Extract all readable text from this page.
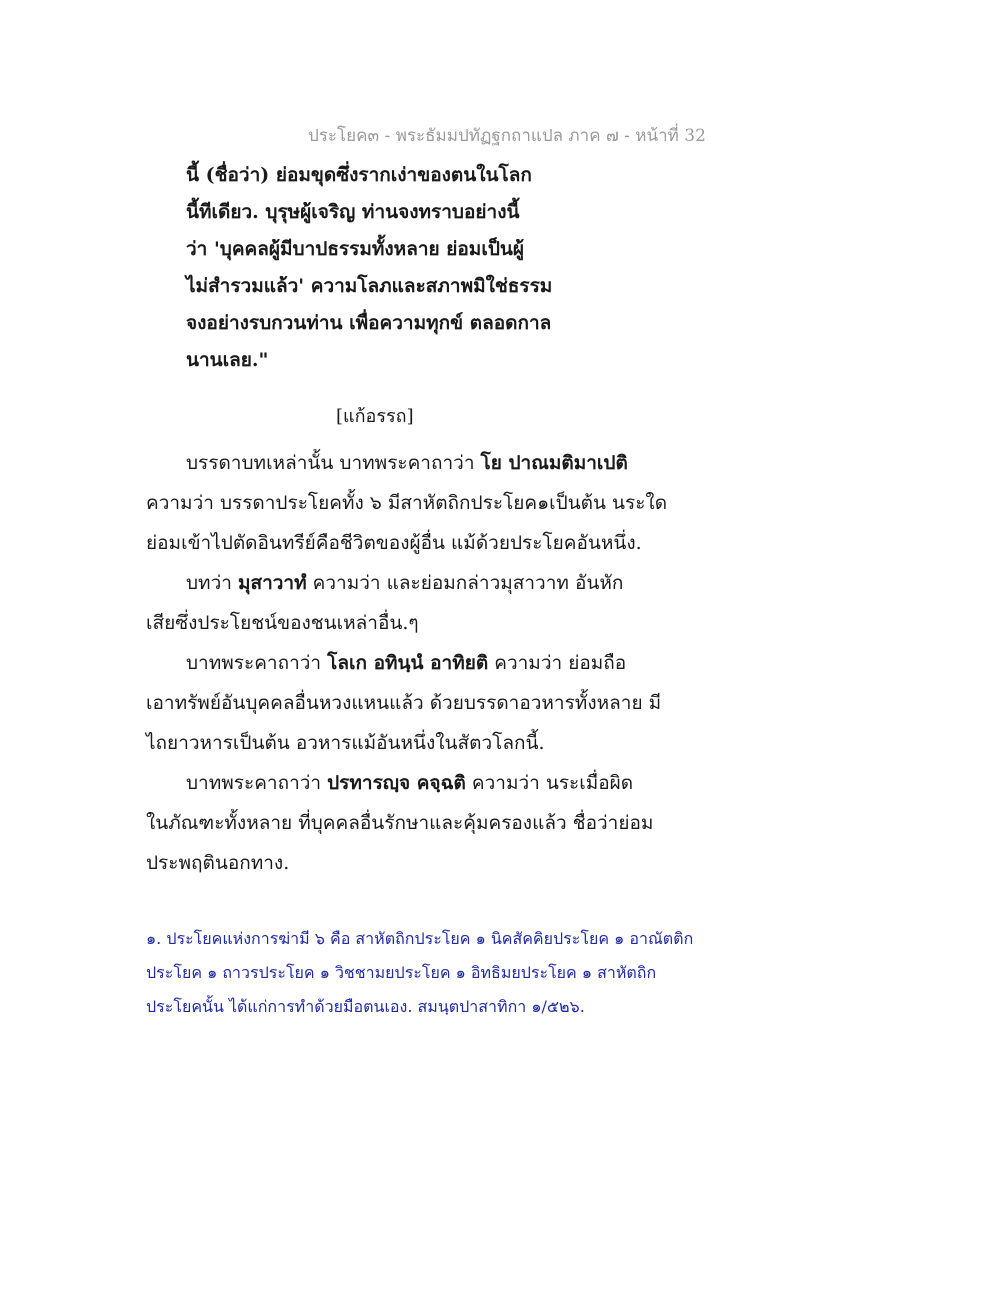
ประโยค๓ - พระธัมมปทัฏฐกถาแปล ภาค ๗ - หน้าที่ 32
นี้ (ชื่อว่า) ย่อมขุดซึ่งรากเง่าของตนในโลก
นี้ทีเดียว. บุรุษผู้เจริญ ท่านจงทราบอย่างนี้
ว่า 'บุคคลผู้มีบาปธรรมทั้งหลาย ย่อมเป็นผู้
ไม่สำรวมแล้ว' ความโลภและสภาพมิใช่ธรรม
จงอย่างรบกวนท่าน เพื่อความทุกข์ ตลอดกาล
นานเลย."
[แก้อรรถ]
บรรดาบทเหล่านั้น บาทพระคาถาว่า โย ปาณมติมาเปติ
ความว่า บรรดาประโยคทั้ง ๖ มีสาหัตถิกประโยค๑เป็นต้น นระใด
ย่อมเข้าไปตัดอินทรีย์คือชีวิตของผู้อื่น แม้ด้วยประโยคอันหนึ่ง.
บทว่า มุสาวาทํ ความว่า และย่อมกล่าวมุสาวาท อันหัก
เสียซึ่งประโยชน์ของชนเหล่าอื่น.ๆ
บาทพระคาถาว่า โลเก อทินฺนํ อาทิยติ ความว่า ย่อมถือ
เอาทรัพย์อันบุคคลอื่นหวงแหนแล้ว ด้วยบรรดาอวหารทั้งหลาย มี
ไถยาวหารเป็นต้น อวหารแม้อันหนึ่งในสัตวโลกนี้.
บาทพระคาถาว่า ปรทารญฺจ คจฺฉติ ความว่า นระเมื่อผิด
ในภัณฑะทั้งหลาย ที่บุคคลอื่นรักษาและคุ้มครองแล้ว ชื่อว่าย่อม
ประพฤตินอกทาง.
๑. ประโยคแห่งการฆ่ามี ๖ คือ สาหัตถิกประโยค ๑ นิคสัคคิยประโยค ๑ อาณัตติก
ประโยค ๑ ถาวรประโยค ๑ วิชชามยประโยค ๑ อิทธิมยประโยค ๑ สาหัตถิก
ประโยคนั้น ได้แก่การทำด้วยมือตนเอง. สมนฺตปาสาทิกา ๑/๕๒๖.
